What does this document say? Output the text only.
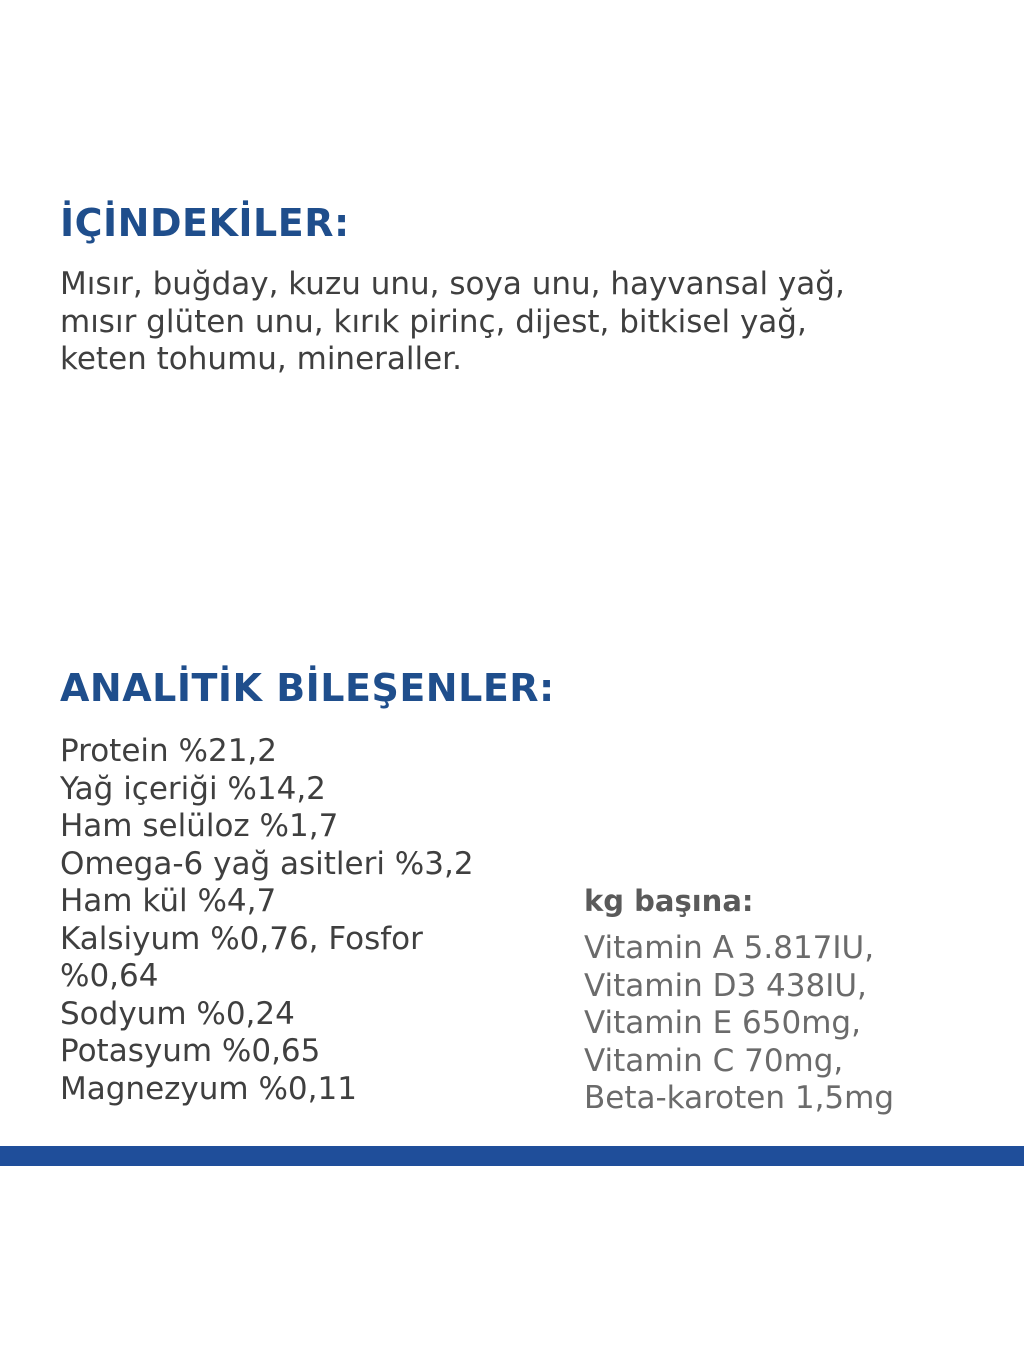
İÇİNDEKİLER:

Mısır, buğday, kuzu unu, soya unu, hayvansal yağ,
mısır glüten unu, kırık pirinç, dijest, bitkisel yağ,
keten tohumu, mineraller.

ANALİTİK BİLEŞENLER:
Protein %21,2
Yağ içeriği %14,2
Ham selüloz %1,7
Omega-6 yağ asitleri %3,2
Ham kül %4,7
Kalsiyum %0,76, Fosfor
%0,64
Sodyum %0,24
Potasyum %0,65
Magnezyum %0,11
kg başına:
Vitamin A 5.817IU,
Vitamin D3 438IU,
Vitamin E 650mg,
Vitamin C 70mg,
Beta-karoten 1,5mg
